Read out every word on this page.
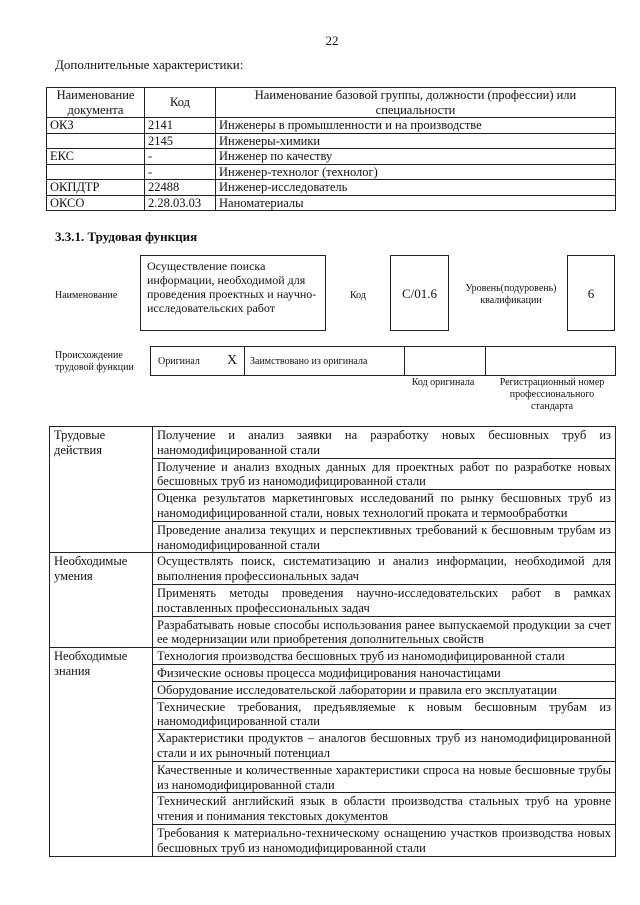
22
Дополнительные характеристики:
Наименование документа	Код	Наименование базовой группы, должности (профессии) или специальности
ОКЗ	2141	Инженеры в промышленности и на производстве
	2145	Инженеры-химики
ЕКС	-	Инженер по качеству
	-	Инженер-технолог (технолог)
ОКПДТР	22488	Инженер-исследователь
ОКСО	2.28.03.03	Наноматериалы
3.3.1. Трудовая функция
Наименование
Осуществление поиска информации, необходимой для проведения проектных и научно-исследовательских работ
Код	С/01.6	Уровень(подуровень) квалификации	6
Происхождение трудовой функции
Оригинал X Заимствовано из оригинала
Код оригинала	Регистрационный номер профессионального стандарта
Трудовые действия	Получение и анализ заявки на разработку новых бесшовных труб из наномодифицированной стали
	Получение и анализ входных данных для проектных работ по разработке новых бесшовных труб из наномодифицированной стали
	Оценка результатов маркетинговых исследований по рынку бесшовных труб из наномодифицированной стали, новых технологий проката и термообработки
	Проведение анализа текущих и перспективных требований к бесшовным трубам из наномодифицированной стали
Необходимые умения	Осуществлять поиск, систематизацию и анализ информации, необходимой для выполнения профессиональных задач
	Применять методы проведения научно-исследовательских работ в рамках поставленных профессиональных задач
	Разрабатывать новые способы использования ранее выпускаемой продукции за счет ее модернизации или приобретения дополнительных свойств
Необходимые знания	Технология производства бесшовных труб из наномодифицированной стали
	Физические основы процесса модифицирования наночастицами
	Оборудование исследовательской лаборатории и правила его эксплуатации
	Технические требования, предъявляемые к новым бесшовным трубам из наномодифицированной стали
	Характеристики продуктов – аналогов бесшовных труб из наномодифицированной стали и их рыночный потенциал
	Качественные и количественные характеристики спроса на новые бесшовные трубы из наномодифицированной стали
	Технический английский язык в области производства стальных труб на уровне чтения и понимания текстовых документов
	Требования к материально-техническому оснащению участков производства новых бесшовных труб из наномодифицированной стали
